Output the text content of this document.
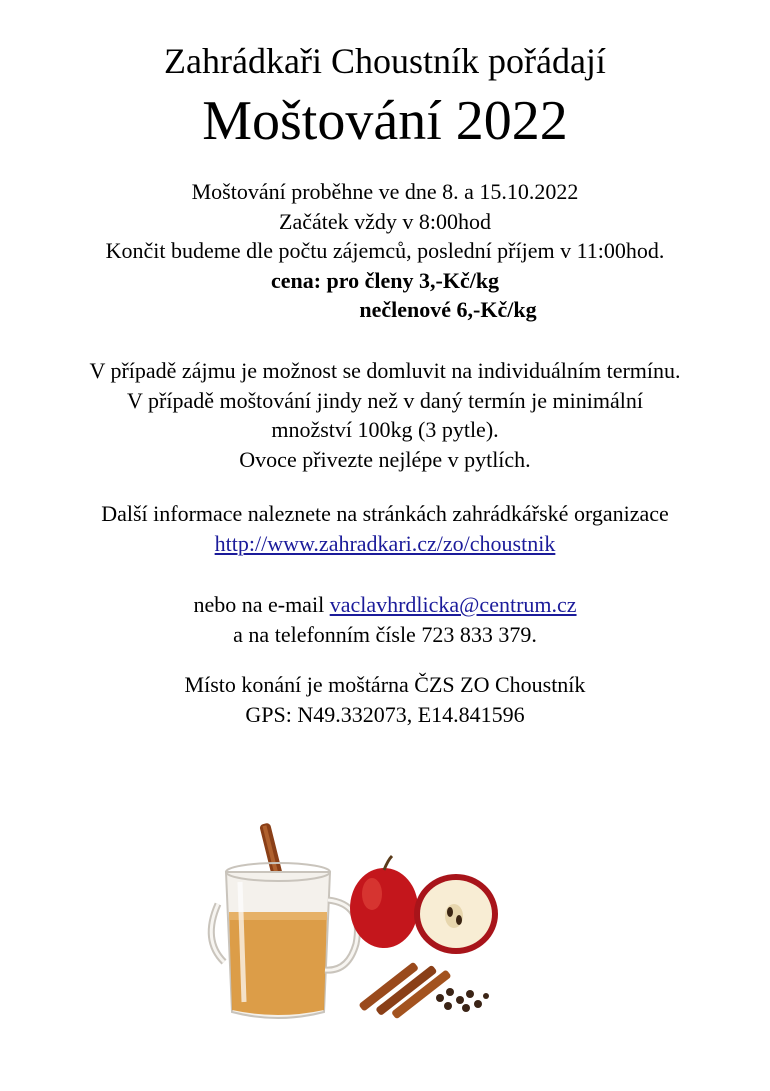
Zahrádkaři Choustník pořádají
Moštování 2022
Moštování proběhne ve dne 8. a 15.10.2022
Začátek vždy v 8:00hod
Končit budeme dle počtu zájemců, poslední příjem v 11:00hod.
cena: pro členy 3,-Kč/kg
nečlenové 6,-Kč/kg
V případě zájmu je možnost se domluvit na individuálním termínu.
V případě moštování jindy než v daný termín je minimální
množství 100kg (3 pytle).
Ovoce přivezte nejlépe v pytlích.
Další informace naleznete na stránkách zahrádkářské organizace
http://www.zahradkari.cz/zo/choustnik
nebo na e-mail vaclavhrdlicka@centrum.cz
a na telefonním čísle 723 833 379.
Místo konání je moštárna ČZS ZO Choustník
GPS: N49.332073, E14.841596
